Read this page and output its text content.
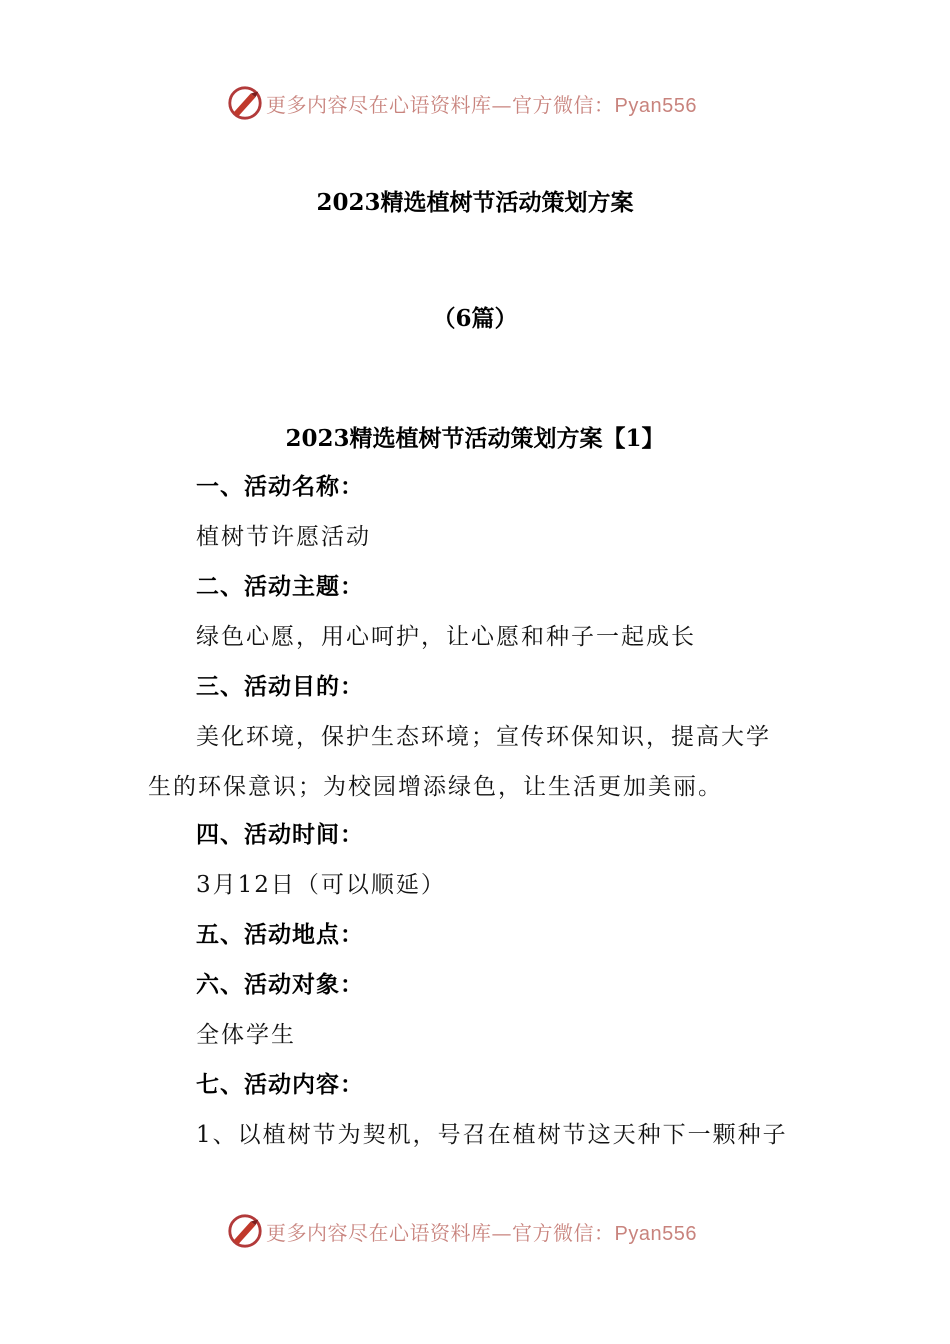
更多内容尽在心语资料库—官方微信：Pyan556
2023精选植树节活动策划方案
（6篇）
2023精选植树节活动策划方案【1】
一、活动名称：
植树节许愿活动
二、活动主题：
绿色心愿，用心呵护，让心愿和种子一起成长
三、活动目的：
美化环境，保护生态环境；宣传环保知识，提高大学
生的环保意识；为校园增添绿色，让生活更加美丽。
四、活动时间：
3月12日（可以顺延）
五、活动地点：
六、活动对象：
全体学生
七、活动内容：
1、以植树节为契机，号召在植树节这天种下一颗种子
更多内容尽在心语资料库—官方微信：Pyan556
